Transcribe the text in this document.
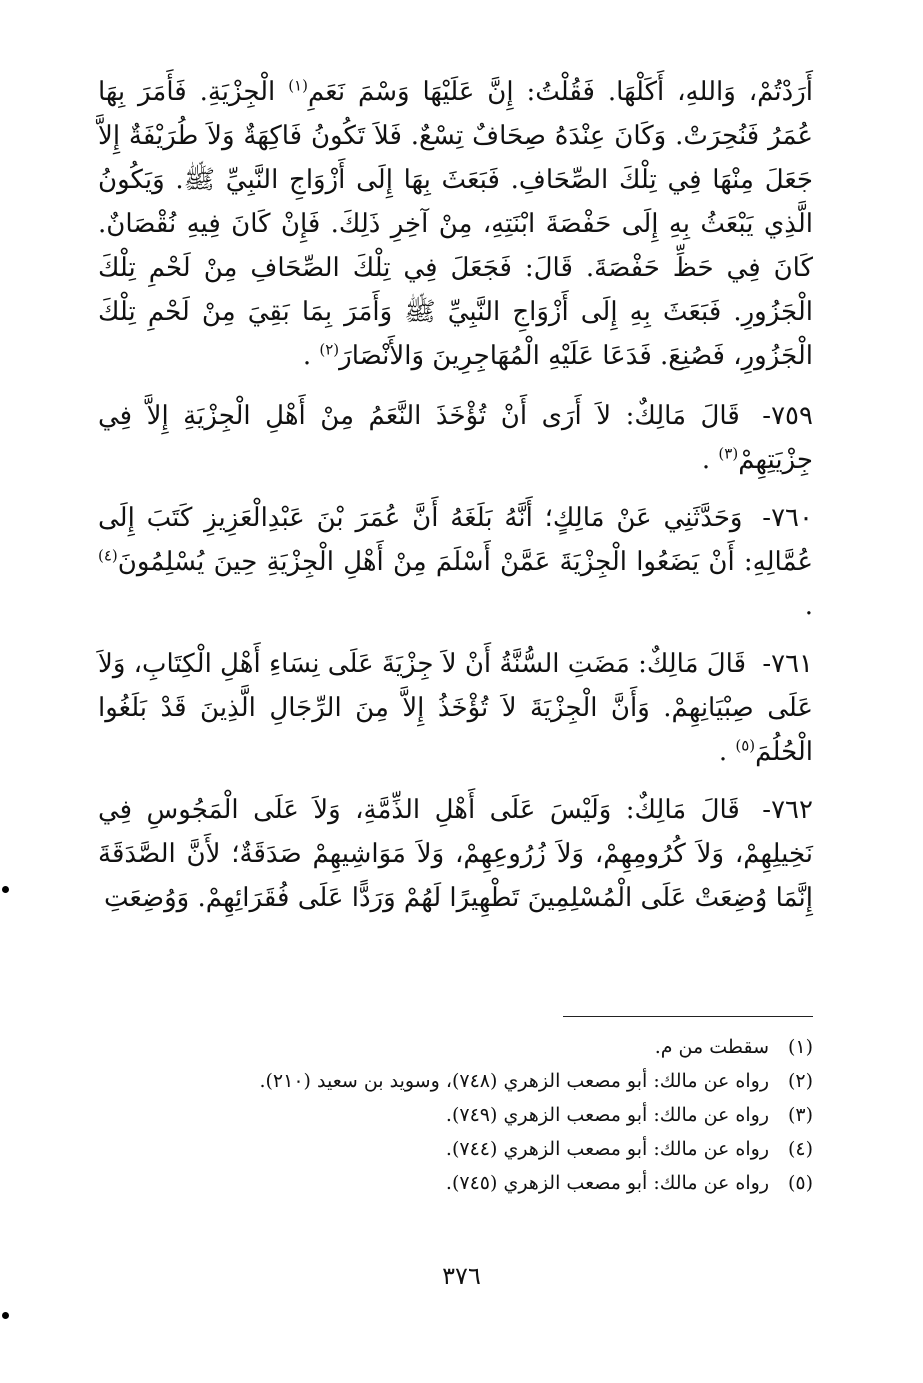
أَرَدْتُمْ، وَاللهِ، أَكَلْهَا. فَقُلْتُ: إِنَّ عَلَيْهَا وَسْمَ نَعَمِ$^{(١)}$ الْجِزْيَةِ. فَأَمَرَ بِهَا عُمَرُ فَنُحِرَتْ. وَكَانَ عِنْدَهُ صِحَافٌ تِسْعٌ. فَلاَ تَكُونُ فَاكِهَةٌ وَلاَ طُرَيْفَةٌ إِلاَّ جَعَلَ مِنْهَا فِي تِلْكَ الصِّحَافِ. فَبَعَثَ بِهَا إِلَى أَزْوَاجِ النَّبِيِّ ﷺ. وَيَكُونُ الَّذِي يَبْعَثُ بِهِ إِلَى حَفْصَةَ ابْنَتِهِ، مِنْ آخِرِ ذَلِكَ. فَإِنْ كَانَ فِيهِ نُقْصَانٌ. كَانَ فِي حَظِّ حَفْصَةَ. قَالَ: فَجَعَلَ فِي تِلْكَ الصِّحَافِ مِنْ لَحْمِ تِلْكَ الْجَزُورِ. فَبَعَثَ بِهِ إِلَى أَزْوَاجِ النَّبِيِّ ﷺ وَأَمَرَ بِمَا بَقِيَ مِنْ لَحْمِ تِلْكَ الْجَزُورِ، فَصُنِعَ. فَدَعَا عَلَيْهِ الْمُهَاجِرِينَ وَالأَنْصَارَ$^{(٢)}$ .

٧٥٩- قَالَ مَالِكٌ: لاَ أَرَى أَنْ تُؤْخَذَ النَّعَمُ مِنْ أَهْلِ الْجِزْيَةِ إِلاَّ فِي جِزْيَتِهِمْ$^{(٣)}$ .

٧٦٠- وَحَدَّثَنِي عَنْ مَالِكٍ؛ أَنَّهُ بَلَغَهُ أَنَّ عُمَرَ بْنَ عَبْدِالْعَزِيزِ كَتَبَ إِلَى عُمَّالِهِ: أَنْ يَضَعُوا الْجِزْيَةَ عَمَّنْ أَسْلَمَ مِنْ أَهْلِ الْجِزْيَةِ حِينَ يُسْلِمُونَ$^{(٤)}$ .

٧٦١- قَالَ مَالِكٌ: مَضَتِ السُّنَّةُ أَنْ لاَ جِزْيَةَ عَلَى نِسَاءِ أَهْلِ الْكِتَابِ، وَلاَ عَلَى صِبْيَانِهِمْ. وَأَنَّ الْجِزْيَةَ لاَ تُؤْخَذُ إِلاَّ مِنَ الرِّجَالِ الَّذِينَ قَدْ بَلَغُوا الْحُلُمَ$^{(٥)}$ .

٧٦٢- قَالَ مَالِكٌ: وَلَيْسَ عَلَى أَهْلِ الذِّمَّةِ، وَلاَ عَلَى الْمَجُوسِ فِي نَخِيلِهِمْ، وَلاَ كُرُومِهِمْ، وَلاَ زُرُوعِهِمْ، وَلاَ مَوَاشِيهِمْ صَدَقَةٌ؛ لأَنَّ الصَّدَقَةَ إِنَّمَا وُضِعَتْ عَلَى الْمُسْلِمِينَ تَطْهِيرًا لَهُمْ وَرَدًّا عَلَى فُقَرَائِهِمْ. وَوُضِعَتِ

(١)سقطت من م.
(٢)رواه عن مالك: أبو مصعب الزهري (٧٤٨)، وسويد بن سعيد (٢١٠).
(٣)رواه عن مالك: أبو مصعب الزهري (٧٤٩).
(٤)رواه عن مالك: أبو مصعب الزهري (٧٤٤).
(٥)رواه عن مالك: أبو مصعب الزهري (٧٤٥).
٣٧٦
